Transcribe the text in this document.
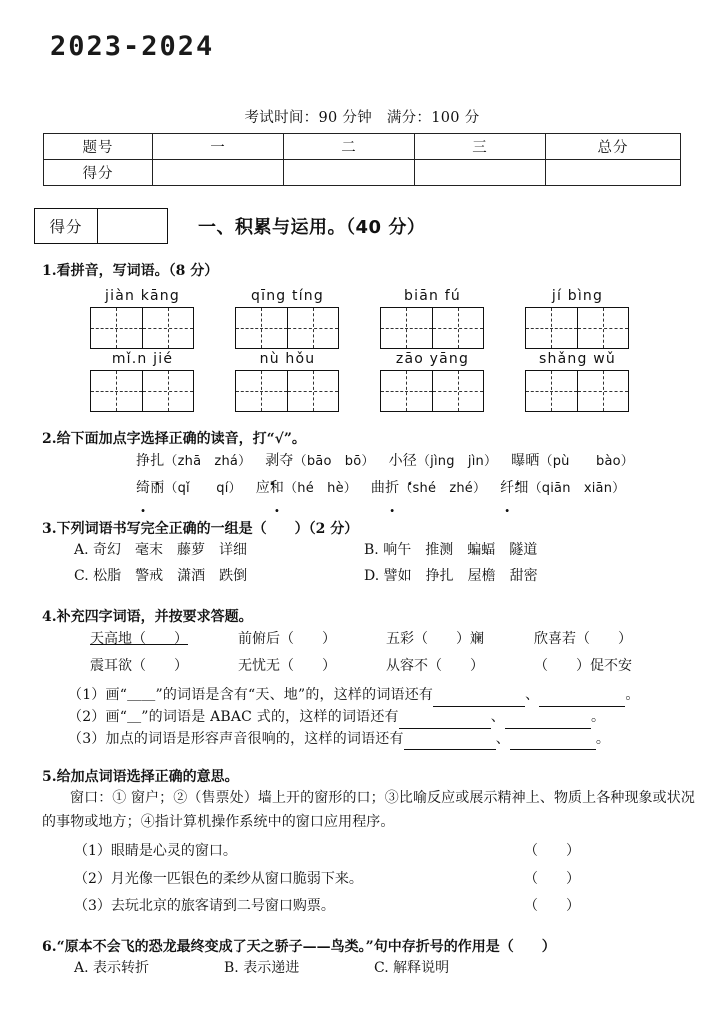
2023-2024
考试时间：90 分钟　满分：100 分
题号	一	二	三	总分
得分				
得分	一、积累与运用。（40 分）
1.看拼音，写词语。（8 分）
jiàn kāng	qīng tíng	biān fú	jí bìng
mǐ.n jié	nù hǒu	zāo yāng	shǎng wǔ
2.给下面加点字选择正确的读音，打“√”。
挣扎（zhā　zhá） 剥夺（bāo　bō） 小径（jìng　jìn） 曝晒（pù　　bào）
绮丽（qǐ　　qí） 应和（hé　hè） 曲折（shé　zhé） 纤细（qiān　xiān）
3.下列词语书写完全正确的一组是（　　）（2 分）
A. 奇幻　毫末　藤萝　详细	B. 响午　推测　蝙蝠　隧道
C. 松脂　警戒　潇酒　跌倒	D. 譬如　挣扎　屋檐　甜密
4.补充四字词语，并按要求答题。
天高地（　　）	前俯后（　　）	五彩（　　）斓	欣喜若（　　）
震耳欲（　　）	无忧无（　　）	从容不（　　）	（　　）促不安
（1）画“＿＿”的词语是含有“天、地”的，这样的词语还有	、	。
（2）画“＿”的词语是 ABAC 式的，这样的词语还有	、	。
（3）加点的词语是形容声音很响的，这样的词语还有	、	。
5.给加点词语选择正确的意思。
窗口：① 窗户；②（售票处）墙上开的窗形的口；③比喻反应或展示精神上、物质上各种现象或状况的事物或地方；④指计算机操作系统中的窗口应用程序。
（1）眼睛是心灵的窗口。	（　　）
（2）月光像一匹银色的柔纱从窗口脆弱下来。	（　　）
（3）去玩北京的旅客请到二号窗口购票。	（　　）
6.“原本不会飞的恐龙最终变成了天之骄子——鸟类。”句中存折号的作用是（　　）
A. 表示转折	B. 表示递进	C. 解释说明
